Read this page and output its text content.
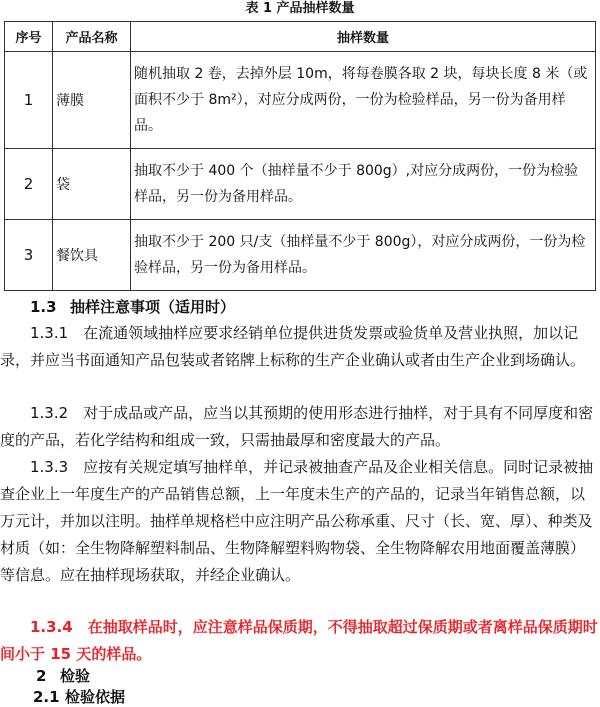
表 1 产品抽样数量
序号	产品名称	抽样数量
1	薄膜	随机抽取 2 卷，去掉外层 10m，将每卷膜各取 2 块，每块长度 8 米（或面积不少于 8m²），对应分成两份，一份为检验样品，另一份为备用样品。
2	袋	抽取不少于 400 个（抽样量不少于 800g）,对应分成两份，一份为检验样品，另一份为备用样品。
3	餐饮具	抽取不少于 200 只/支（抽样量不少于 800g），对应分成两份，一份为检验样品，另一份为备用样品。
1.3 抽样注意事项（适用时）
1.3.1 在流通领域抽样应要求经销单位提供进货发票或验货单及营业执照，加以记录，并应当书面通知产品包装或者铭牌上标称的生产企业确认或者由生产企业到场确认。
1.3.2 对于成品或产品，应当以其预期的使用形态进行抽样，对于具有不同厚度和密度的产品，若化学结构和组成一致，只需抽最厚和密度最大的产品。
1.3.3 应按有关规定填写抽样单，并记录被抽查产品及企业相关信息。同时记录被抽查企业上一年度生产的产品销售总额，上一年度未生产的产品的，记录当年销售总额，以万元计，并加以注明。抽样单规格栏中应注明产品公称承重、尺寸（长、宽、厚）、种类及材质（如：全生物降解塑料制品、生物降解塑料购物袋、全生物降解农用地面覆盖薄膜）等信息。应在抽样现场获取，并经企业确认。
1.3.4 在抽取样品时，应注意样品保质期，不得抽取超过保质期或者离样品保质期时间小于 15 天的样品。
2 检验
2.1 检验依据
